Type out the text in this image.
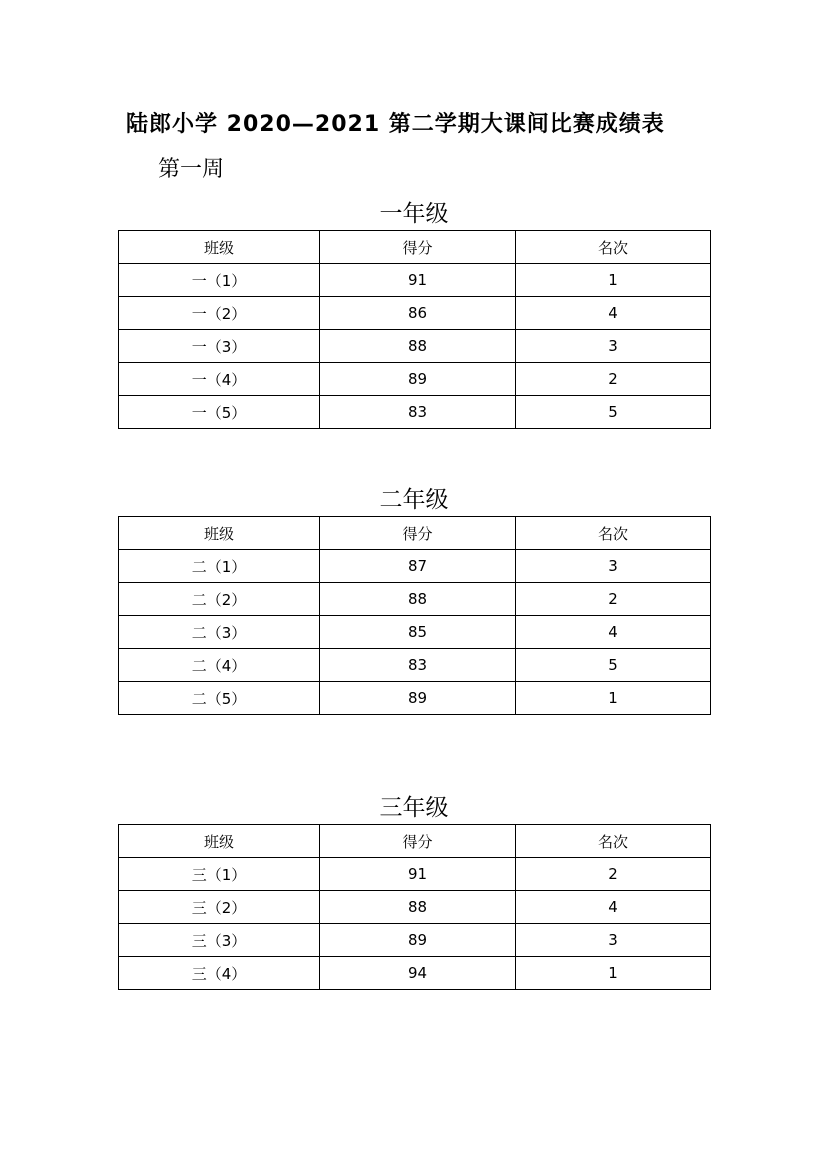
陆郎小学 2020—2021 第二学期大课间比赛成绩表
第一周
一年级
班级	得分	名次
一（1）	91	1
一（2）	86	4
一（3）	88	3
一（4）	89	2
一（5）	83	5
二年级
班级	得分	名次
二（1）	87	3
二（2）	88	2
二（3）	85	4
二（4）	83	5
二（5）	89	1
三年级
班级	得分	名次
三（1）	91	2
三（2）	88	4
三（3）	89	3
三（4）	94	1
